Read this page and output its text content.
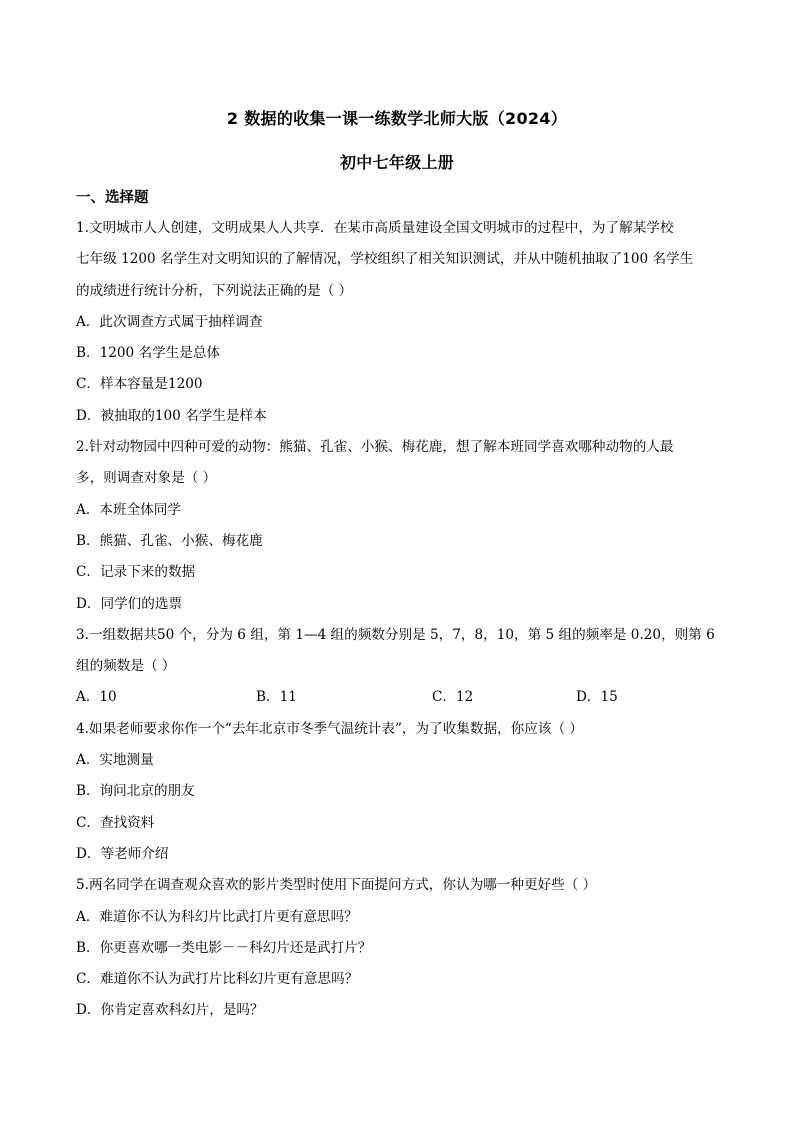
2 数据的收集一课一练数学北师大版（2024）
初中七年级上册
一、选择题
1.文明城市人人创建，文明成果人人共享．在某市高质量建设全国文明城市的过程中，为了解某学校
七年级 1200 名学生对文明知识的了解情况，学校组织了相关知识测试，并从中随机抽取了100 名学生
的成绩进行统计分析，下列说法正确的是（ ）
A．此次调查方式属于抽样调查
B．1200 名学生是总体
C．样本容量是1200
D．被抽取的100 名学生是样本
2.针对动物园中四种可爱的动物：熊猫、孔雀、小猴、梅花鹿，想了解本班同学喜欢哪种动物的人最
多，则调查对象是（ ）
A．本班全体同学
B．熊猫、孔雀、小猴、梅花鹿
C．记录下来的数据
D．同学们的选票
3.一组数据共50 个，分为 6 组，第 1—4 组的频数分别是 5，7，8，10，第 5 组的频率是 0.20，则第 6
组的频数是（ ）
A．10	B．11	C．12	D．15
4.如果老师要求你作一个“去年北京市冬季气温统计表”，为了收集数据，你应该（ ）
A．实地测量
B．询问北京的朋友
C．查找资料
D．等老师介绍
5.两名同学在调查观众喜欢的影片类型时使用下面提问方式，你认为哪一种更好些（ ）
A．难道你不认为科幻片比武打片更有意思吗？
B．你更喜欢哪一类电影－－科幻片还是武打片？
C．难道你不认为武打片比科幻片更有意思吗？
D．你肯定喜欢科幻片，是吗？
